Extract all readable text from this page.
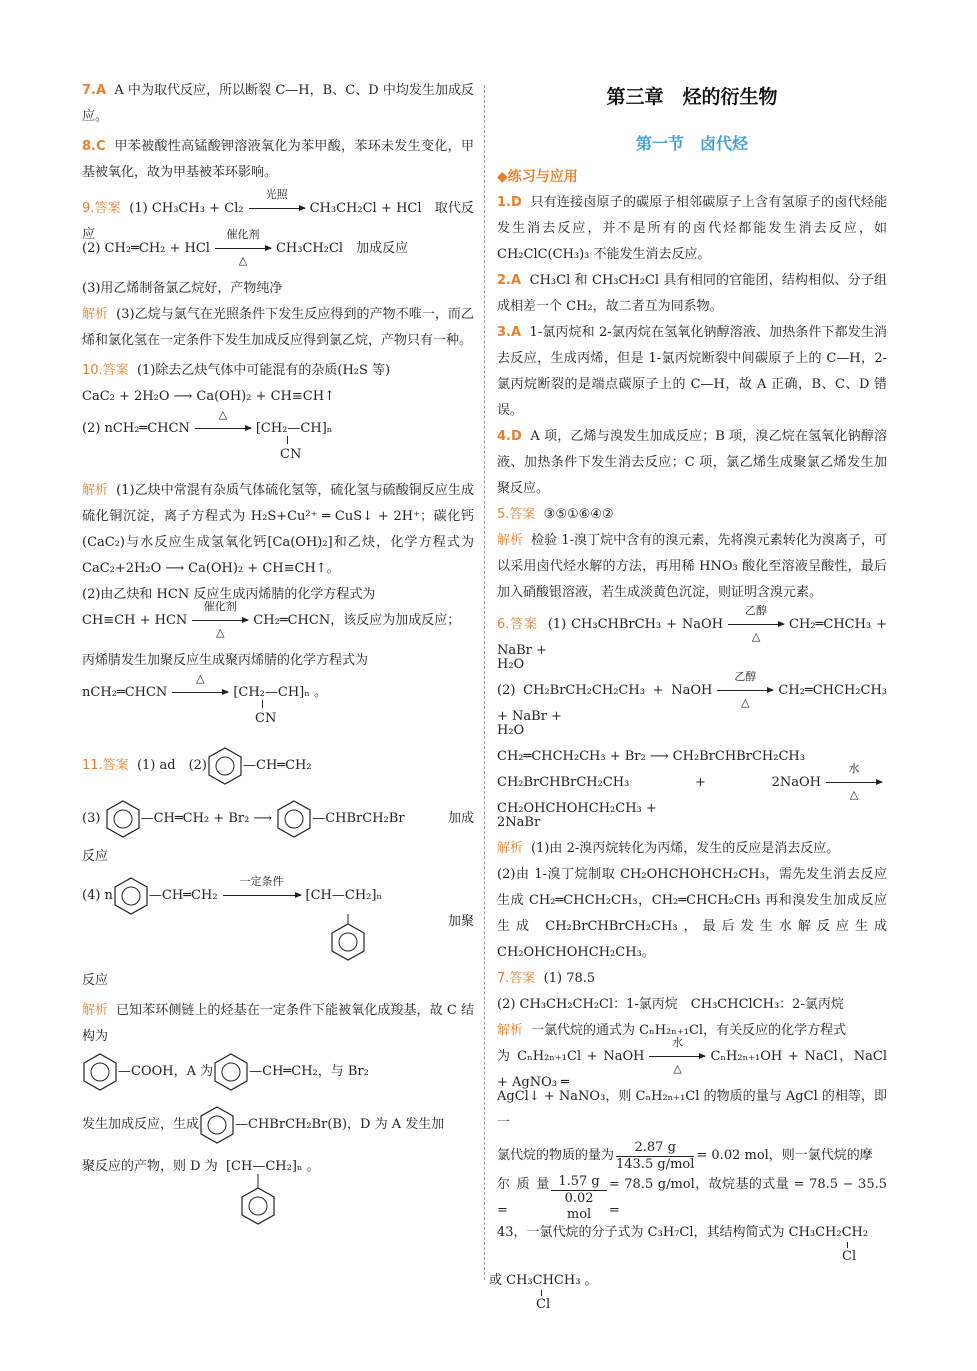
7.A A 中为取代反应，所以断裂 C—H，B、C、D 中均发生加成反应。

8.C 甲苯被酸性高锰酸钾溶液氧化为苯甲酸，苯环未发生变化，甲基被氧化，故为甲基被苯环影响。

9.答案 (1) CH₃CH₃ + Cl₂
光照
CH₃CH₂Cl + HCl　取代反应

(2) CH₂═CH₂ + HCl
催化剂
△
CH₃CH₂Cl　加成反应

(3)用乙烯制备氯乙烷好，产物纯净

解析 (3)乙烷与氯气在光照条件下发生反应得到的产物不唯一，而乙烯和氯化氢在一定条件下发生加成反应得到氯乙烷，产物只有一种。

10.答案 (1)除去乙炔气体中可能混有的杂质(H₂S 等)

CaC₂ + 2H₂O ⟶ Ca(OH)₂ + CH≡CH↑

(2) nCH₂═CHCN
△
[CH₂—CH]ₙ
CN

解析 (1)乙炔中常混有杂质气体硫化氢等，硫化氢与硫酸铜反应生成硫化铜沉淀，离子方程式为 H₂S+Cu²⁺ ═ CuS↓ + 2H⁺；碳化钙(CaC₂)与水反应生成氢氧化钙[Ca(OH)₂]和乙炔，化学方程式为 CaC₂+2H₂O ⟶ Ca(OH)₂ + CH≡CH↑。

(2)由乙炔和 HCN 反应生成丙烯腈的化学方程式为

CH≡CH + HCN
催化剂
△
CH₂═CHCN，该反应为加成反应；

丙烯腈发生加聚反应生成聚丙烯腈的化学方程式为

nCH₂═CHCN
△
[CH₂—CH]ₙ 。
CN
11.答案
(1) ad　(2)	—CH═CH₂
(3)
	—CH═CH₂ + Br₂ ⟶
	—CHBrCH₂Br	加成

反应

(4) n	—CH═CH₂
一定条件
[CH—CH₂]ₙ
加聚

反应

解析 已知苯环侧链上的烃基在一定条件下能被氧化成羧基，故 C 结构为

—COOH ，A 为	—CH═CH₂ ，与 Br₂
发生加成反应，生成	—CHBrCH₂Br (B)，D 为 A 发生加
聚反应的产物，则 D 为 [CH—CH₂]ₙ 。
第三章　烃的衍生物
第一节　卤代烃
◆练习与应用

1.D 只有连接卤原子的碳原子相邻碳原子上含有氢原子的卤代烃能发生消去反应，并不是所有的卤代烃都能发生消去反应，如 CH₂ClC(CH₃)₃ 不能发生消去反应。

2.A CH₃Cl 和 CH₃CH₂Cl 具有相同的官能团，结构相似、分子组成相差一个 CH₂，故二者互为同系物。

3.A 1-氯丙烷和 2-氯丙烷在氢氧化钠醇溶液、加热条件下都发生消去反应，生成丙烯，但是 1-氯丙烷断裂中间碳原子上的 C—H，2-氯丙烷断裂的是端点碳原子上的 C—H，故 A 正确，B、C、D 错误。

4.D A 项，乙烯与溴发生加成反应；B 项，溴乙烷在氢氧化钠醇溶液、加热条件下发生消去反应；C 项，氯乙烯生成聚氯乙烯发生加聚反应。

5.答案 ③⑤①⑥④②

解析 检验 1-溴丁烷中含有的溴元素，先将溴元素转化为溴离子，可以采用卤代烃水解的方法，再用稀 HNO₃ 酸化至溶液呈酸性，最后加入硝酸银溶液，若生成淡黄色沉淀，则证明含溴元素。

6.答案 (1) CH₃CHBrCH₃ + NaOH
乙醇
△
CH₂═CHCH₃ + NaBr +

H₂O

(2) CH₂BrCH₂CH₂CH₃ + NaOH
乙醇
△
CH₂═CHCH₂CH₃ + NaBr +

H₂O

CH₂═CHCH₂CH₃ + Br₂ ⟶ CH₂BrCHBrCH₂CH₃

CH₂BrCHBrCH₂CH₃ + 2NaOH
水
△
CH₂OHCHOHCH₂CH₃ +

2NaBr

解析 (1)由 2-溴丙烷转化为丙烯，发生的反应是消去反应。

(2)由 1-溴丁烷制取 CH₂OHCHOHCH₂CH₃，需先发生消去反应生成 CH₂═CHCH₂CH₃，CH₂═CHCH₂CH₃ 再和溴发生加成反应生成 CH₂BrCHBrCH₂CH₃，最后发生水解反应生成 CH₂OHCHOHCH₂CH₃。

7.答案 (1) 78.5

(2) CH₃CH₂CH₂Cl：1-氯丙烷　CH₃CHClCH₃：2-氯丙烷

解析 一氯代烷的通式为 CₙH₂ₙ₊₁Cl，有关反应的化学方程式

为 CₙH₂ₙ₊₁Cl + NaOH
水
△
CₙH₂ₙ₊₁OH + NaCl，NaCl + AgNO₃ ═

AgCl↓ + NaNO₃，则 CₙH₂ₙ₊₁Cl 的物质的量与 AgCl 的相等，即一

氯代烷的物质的量为
2.87 g
143.5 g/mol
= 0.02 mol，则一氯代烷的摩
尔质量 =
1.57 g
0.02 mol
= 78.5 g/mol，故烷基的式量 = 78.5 − 35.5 =
43，一氯代烷的分子式为 C₃H₇Cl，其结构简式为 CH₃CH₂CH₂
Cl
或 CH₃CHCH₃ 。
Cl
